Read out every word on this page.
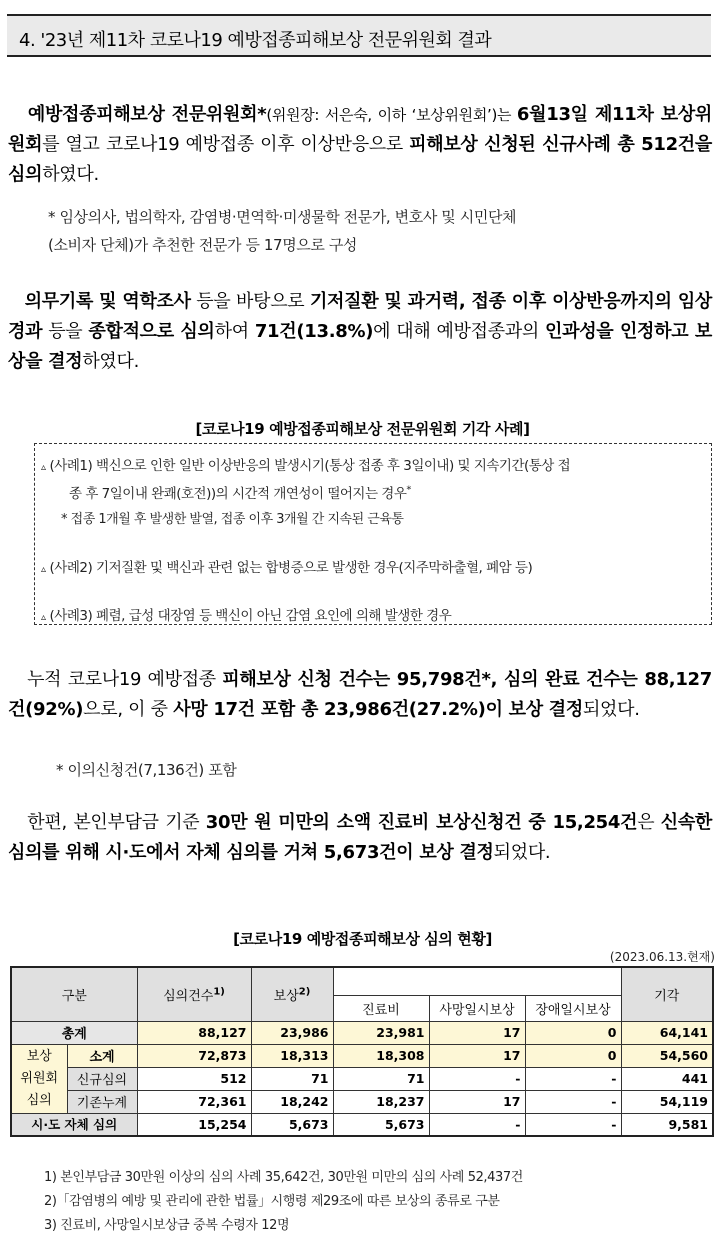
4. '23년 제11차 코로나19 예방접종피해보상 전문위원회 결과
예방접종피해보상 전문위원회*(위원장: 서은숙, 이하 ‘보상위원회’)는 6월13일 제11차 보상위원회를 열고 코로나19 예방접종 이후 이상반응으로 피해보상 신청된 신규사례 총 512건을 심의하였다.
* 임상의사, 법의학자, 감염병·면역학·미생물학 전문가, 변호사 및 시민단체
(소비자 단체)가 추천한 전문가 등 17명으로 구성
의무기록 및 역학조사 등을 바탕으로 기저질환 및 과거력, 접종 이후 이상반응까지의 임상경과 등을 종합적으로 심의하여 71건(13.8%)에 대해 예방접종과의 인과성을 인정하고 보상을 결정하였다.
[코로나19 예방접종피해보상 전문위원회 기각 사례]
▵ (사례1) 백신으로 인한 일반 이상반응의 발생시기(통상 접종 후 3일이내) 및 지속기간(통상 접
종 후 7일이내 완쾌(호전))의 시간적 개연성이 떨어지는 경우*
* 접종 1개월 후 발생한 발열, 접종 이후 3개월 간 지속된 근육통
▵ (사례2) 기저질환 및 백신과 관련 없는 합병증으로 발생한 경우(지주막하출혈, 폐암 등)
▵ (사례3) 폐렴, 급성 대장염 등 백신이 아닌 감염 요인에 의해 발생한 경우
누적 코로나19 예방접종 피해보상 신청 건수는 95,798건*, 심의 완료 건수는 88,127건(92%)으로, 이 중 사망 17건 포함 총 23,986건(27.2%)이 보상 결정되었다.
* 이의신청건(7,136건) 포함
한편, 본인부담금 기준 30만 원 미만의 소액 진료비 보상신청건 중 15,254건은 신속한 심의를 위해 시·도에서 자체 심의를 거쳐 5,673건이 보상 결정되었다.
[코로나19 예방접종피해보상 심의 현황]
(2023.06.13.현재)
구분		심의건수$^{1)}$	보상$^{2)}$				기각
				진료비	사망일시보상	장애일시보상	
총계		88,127	23,986	23,981	17	0	64,141

보상
위원회
심의	소계	72,873	18,313	18,308	17	0	54,560
	신규심의	512	71	71	-	-	441
	기존누계	72,361	18,242	18,237	17	-	54,119
시·도 자체 심의		15,254	5,673	5,673	-	-	9,581
1) 본인부담금 30만원 이상의 심의 사례 35,642건, 30만원 미만의 심의 사례 52,437건
2)「감염병의 예방 및 관리에 관한 법률」시행령 제29조에 따른 보상의 종류로 구분
3) 진료비, 사망일시보상금 중복 수령자 12명
